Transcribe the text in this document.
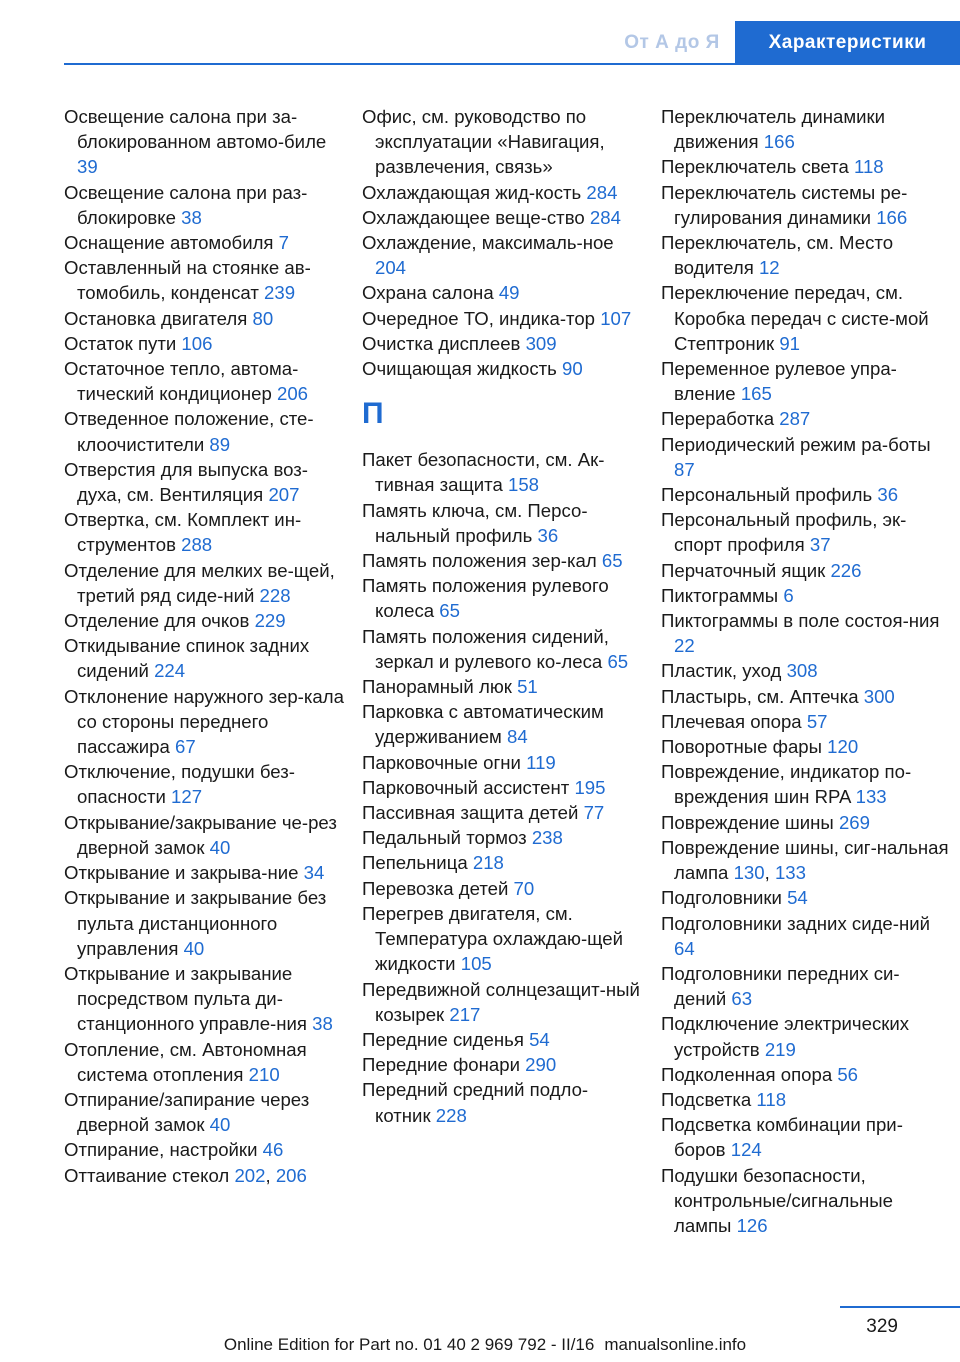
От А до Я	Характеристики
Освещение салона при за‐блокированном автомо‐биле 39
Освещение салона при раз‐блокировке 38
Оснащение автомобиля 7
Оставленный на стоянке ав‐томобиль, конденсат 239
Остановка двигателя 80
Остаток пути 106
Остаточное тепло, автома‐тический кондиционер 206
Отведенное положение, сте‐клоочистители 89
Отверстия для выпуска воз‐духа, см. Вентиляция 207
Отвертка, см. Комплект ин‐струментов 288
Отделение для мелких ве‐щей, третий ряд сиде‐ний 228
Отделение для очков 229
Откидывание спинок задних сидений 224
Отклонение наружного зер‐кала со стороны переднего пассажира 67
Отключение, подушки без‐опасности 127
Открывание/закрывание че‐рез дверной замок 40
Открывание и закрыва‐ние 34
Открывание и закрывание без пульта дистанционного управления 40
Открывание и закрывание посредством пульта ди‐станционного управле‐ния 38
Отопление, см. Автономная система отопления 210
Отпирание/запирание через дверной замок 40
Отпирание, настройки 46
Оттаивание стекол 202, 206
Офис, см. руководство по эксплуатации «Навигация, развлечения, связь»
Охлаждающая жид‐кость 284
Охлаждающее веще‐ство 284
Охлаждение, максималь‐ное 204
Охрана салона 49
Очередное ТО, индика‐тор 107
Очистка дисплеев 309
Очищающая жидкость 90
П
Пакет безопасности, см. Ак‐тивная защита 158
Память ключа, см. Персо‐нальный профиль 36
Память положения зер‐кал 65
Память положения рулевого колеса 65
Память положения сидений, зеркал и рулевого ко‐леса 65
Панорамный люк 51
Парковка с автоматическим удерживанием 84
Парковочные огни 119
Парковочный ассистент 195
Пассивная защита детей 77
Педальный тормоз 238
Пепельница 218
Перевозка детей 70
Перегрев двигателя, см. Температура охлаждаю‐щей жидкости 105
Передвижной солнцезащит‐ный козырек 217
Передние сиденья 54
Передние фонари 290
Передний средний подло‐котник 228
Переключатель динамики движения 166
Переключатель света 118
Переключатель системы ре‐гулирования динамики 166
Переключатель, см. Место водителя 12
Переключение передач, см. Коробка передач с систе‐мой Стептроник 91
Переменное рулевое упра‐вление 165
Переработка 287
Периодический режим ра‐боты 87
Персональный профиль 36
Персональный профиль, эк‐спорт профиля 37
Перчаточный ящик 226
Пиктограммы 6
Пиктограммы в поле состоя‐ния 22
Пластик, уход 308
Пластырь, см. Аптечка 300
Плечевая опора 57
Поворотные фары 120
Повреждение, индикатор по‐вреждения шин RPA 133
Повреждение шины 269
Повреждение шины, сиг‐нальная лампа 130, 133
Подголовники 54
Подголовники задних сиде‐ний 64
Подголовники передних си‐дений 63
Подключение электрических устройств 219
Подколенная опора 56
Подсветка 118
Подсветка комбинации при‐боров 124
Подушки безопасности, контрольные/сигнальные лампы 126
329
Online Edition for Part no. 01 40 2 969 792 - II/16 manualsonline.info
